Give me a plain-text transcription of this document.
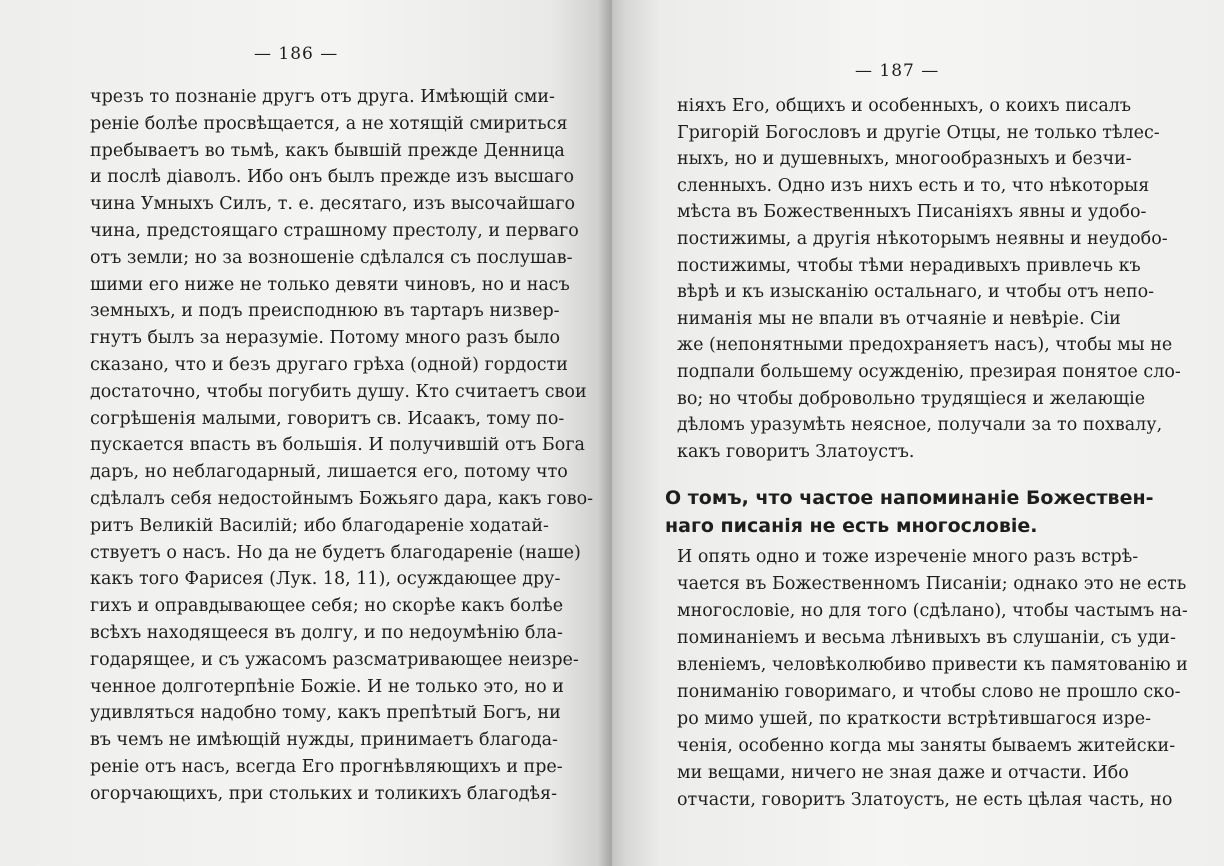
— 186 —
чрезъ то познаніе другъ отъ друга. Имѣющій сми-
реніе болѣе просвѣщается, а не хотящій смириться
пребываетъ во тьмѣ, какъ бывшій прежде Денница
и послѣ діаволъ. Ибо онъ былъ прежде изъ высшаго
чина Умныхъ Силъ, т. е. десятаго, изъ высочайшаго
чина, предстоящаго страшному престолу, и перваго
отъ земли; но за возношеніе сдѣлался съ послушав-
шими его ниже не только девяти чиновъ, но и насъ
земныхъ, и подъ преисподнюю въ тартаръ низвер-
гнутъ былъ за неразуміе. Потому много разъ было
сказано, что и безъ другаго грѣха (одной) гордости
достаточно, чтобы погубить душу. Кто считаетъ свои
согрѣшенія малыми, говоритъ св. Исаакъ, тому по-
пускается впасть въ большія. И получившій отъ Бога
даръ, но неблагодарный, лишается его, потому что
сдѣлалъ себя недостойнымъ Божьяго дара, какъ гово-
ритъ Великій Василій; ибо благодареніе ходатай-
ствуетъ о насъ. Но да не будетъ благодареніе (наше)
какъ того Фарисея (Лук. 18, 11), осуждающее дру-
гихъ и оправдывающее себя; но скорѣе какъ болѣе
всѣхъ находящееся въ долгу, и по недоумѣнію бла-
годарящее, и съ ужасомъ разсматривающее неизре-
ченное долготерпѣніе Божіе. И не только это, но и
удивляться надобно тому, какъ препѣтый Богъ, ни
въ чемъ не имѣющій нужды, принимаетъ благода-
реніе отъ насъ, всегда Его прогнѣвляющихъ и пре-
огорчающихъ, при стольких и толикихъ благодѣя-
— 187 —
ніяхъ Его, общихъ и особенныхъ, о коихъ писалъ
Григорій Богословъ и другіе Отцы, не только тѣлес-
ныхъ, но и душевныхъ, многообразныхъ и безчи-
сленныхъ. Одно изъ нихъ есть и то, что нѣкоторыя
мѣста въ Божественныхъ Писаніяхъ явны и удобо-
постижимы, а другія нѣкоторымъ неявны и неудобо-
постижимы, чтобы тѣми нерадивыхъ привлечь къ
вѣрѣ и къ изысканію остальнаго, и чтобы отъ непо-
ниманія мы не впали въ отчаяніе и невѣріе. Сіи
же (непонятными предохраняетъ насъ), чтобы мы не
подпали большему осужденію, презирая понятое сло-
во; но чтобы добровольно трудящіеся и желающіе
дѣломъ уразумѣть неясное, получали за то похвалу,
какъ говоритъ Златоустъ.
О томъ, что частое напоминаніе Божествен-
наго писанія не есть многословіе.
И опять одно и тоже изреченіе много разъ встрѣ-
чается въ Божественномъ Писаніи; однако это не есть
многословіе, но для того (сдѣлано), чтобы частымъ на-
поминаніемъ и весьма лѣнивыхъ въ слушаніи, съ уди-
вленіемъ, человѣколюбиво привести къ памятованію и
пониманію говоримаго, и чтобы слово не прошло ско-
ро мимо ушей, по краткости встрѣтившагося изре-
ченія, особенно когда мы заняты бываемъ житейски-
ми вещами, ничего не зная даже и отчасти. Ибо
отчасти, говоритъ Златоустъ, не есть цѣлая часть, но
